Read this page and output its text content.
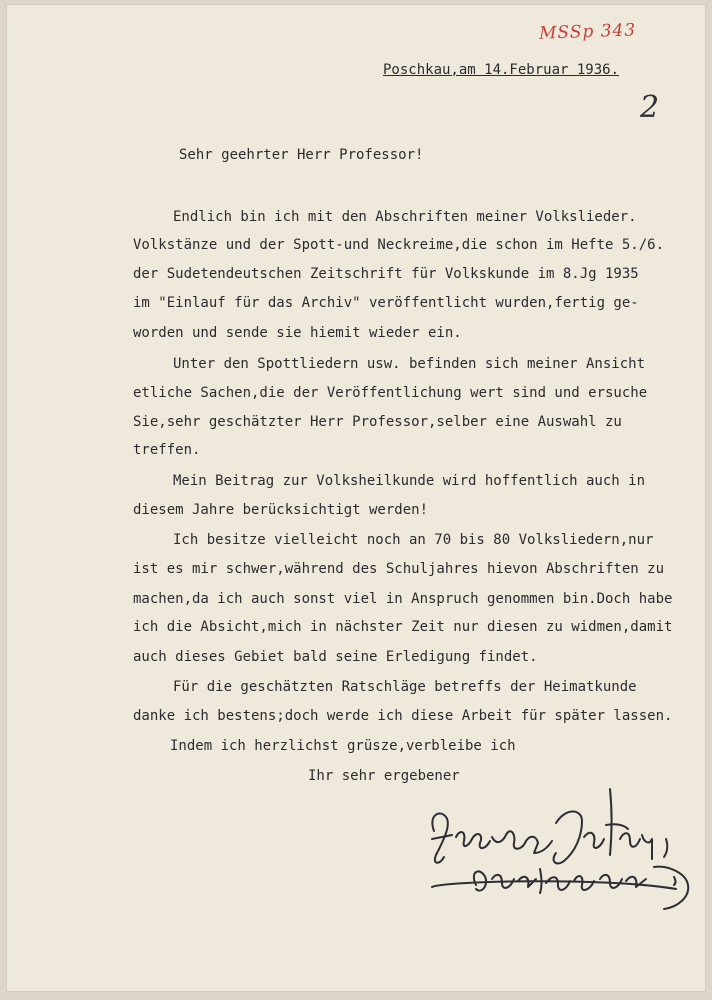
MSSp 343
2
Poschkau,am 14.Februar 1936.
Sehr geehrter Herr Professor!
Endlich bin ich mit den Abschriften meiner Volkslieder.
Volkstänze und der Spott-und Neckreime,die schon im Hefte 5./6.
der Sudetendeutschen Zeitschrift für Volkskunde im 8.Jg 1935
im "Einlauf für das Archiv" veröffentlicht wurden,fertig ge-
worden und sende sie hiemit wieder ein.
Unter den Spottliedern usw. befinden sich meiner Ansicht
etliche Sachen,die der Veröffentlichung wert sind und ersuche
Sie,sehr geschätzter Herr Professor,selber eine Auswahl zu
treffen.
Mein Beitrag zur Volksheilkunde wird hoffentlich auch in
diesem Jahre berücksichtigt werden!
Ich besitze vielleicht noch an 70 bis 80 Volksliedern,nur
ist es mir schwer,während des Schuljahres hievon Abschriften zu
machen,da ich auch sonst viel in Anspruch genommen bin.Doch habe
ich die Absicht,mich in nächster Zeit nur diesen zu widmen,damit
auch dieses Gebiet bald seine Erledigung findet.
Für die geschätzten Ratschläge betreffs der Heimatkunde
danke ich bestens;doch werde ich diese Arbeit für später lassen.
Indem ich herzlichst grüsze,verbleibe ich
Ihr sehr ergebener
